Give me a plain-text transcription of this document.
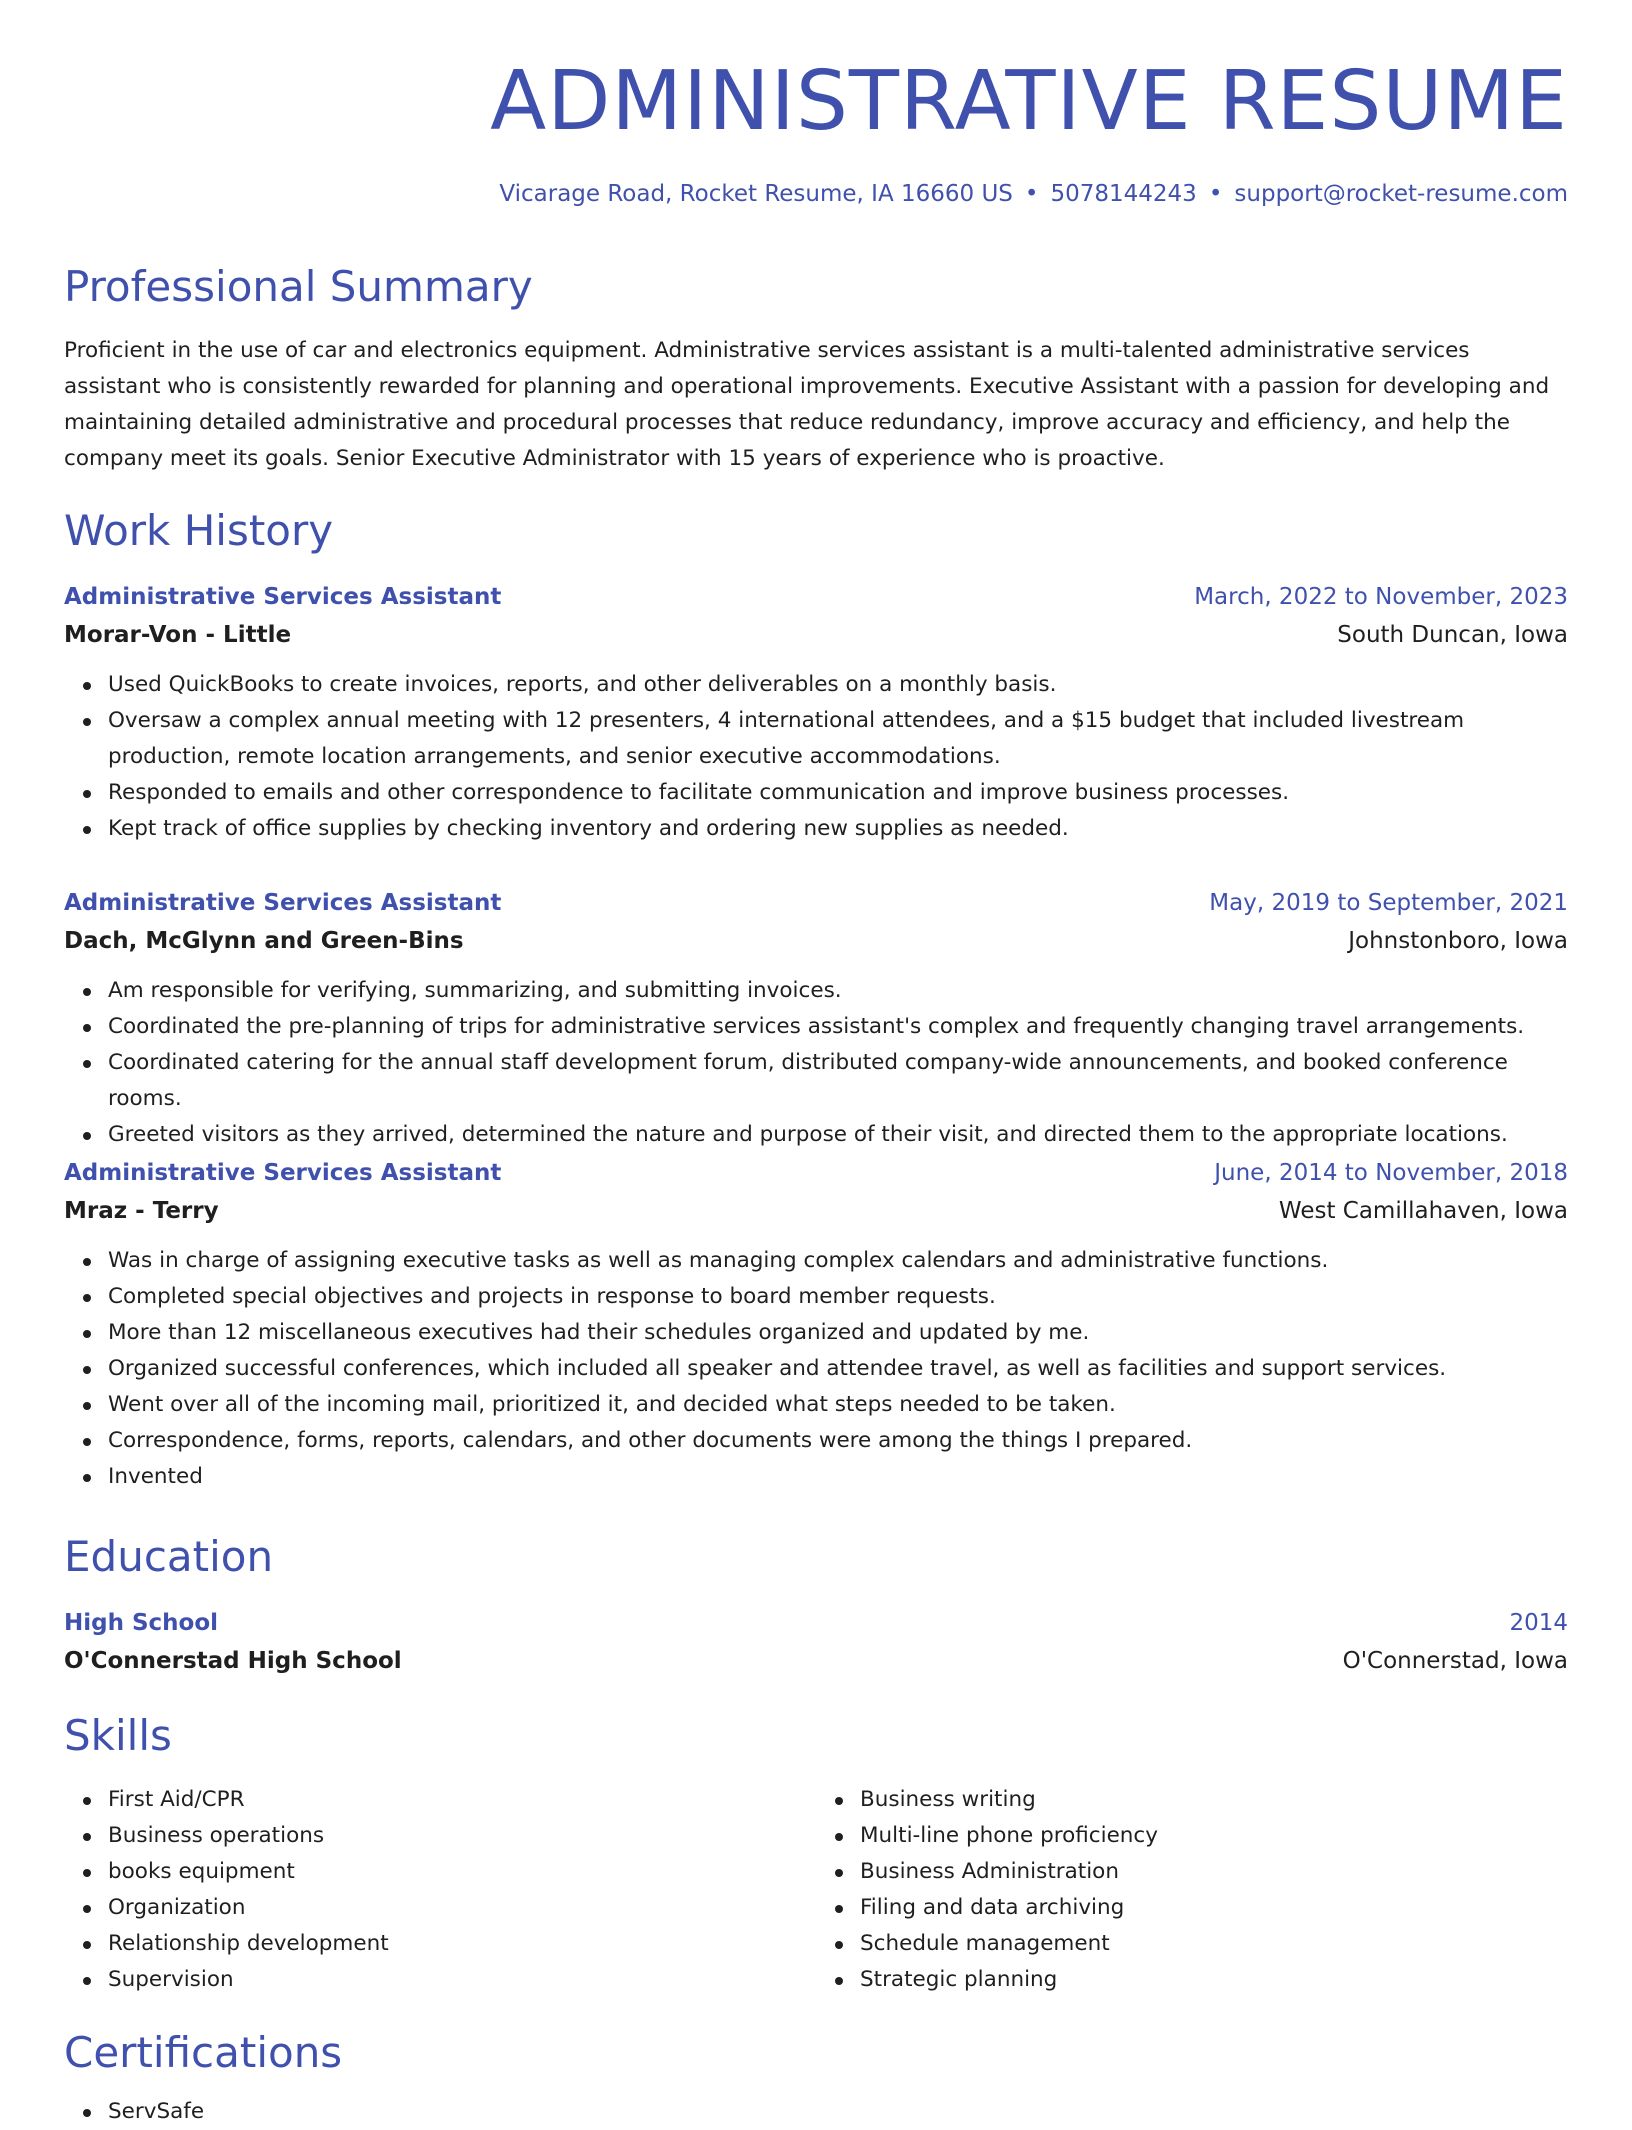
ADMINISTRATIVE RESUME
Vicarage Road, Rocket Resume, IA 16660 US • 5078144243 • support@rocket-resume.com
Professional Summary

Proficient in the use of car and electronics equipment. Administrative services assistant is a multi-talented administrative services assistant who is consistently rewarded for planning and operational improvements. Executive Assistant with a passion for developing and maintaining detailed administrative and procedural processes that reduce redundancy, improve accuracy and efficiency, and help the company meet its goals. Senior Executive Administrator with 15 years of experience who is proactive.

Work History
Administrative Services Assistant	March, 2022 to November, 2023
Morar-Von - Little	South Duncan, Iowa
Used QuickBooks to create invoices, reports, and other deliverables on a monthly basis.
Oversaw a complex annual meeting with 12 presenters, 4 international attendees, and a $15 budget that included livestream production, remote location arrangements, and senior executive accommodations.
Responded to emails and other correspondence to facilitate communication and improve business processes.
Kept track of office supplies by checking inventory and ordering new supplies as needed.
Administrative Services Assistant	May, 2019 to September, 2021
Dach, McGlynn and Green-Bins	Johnstonboro, Iowa
Am responsible for verifying, summarizing, and submitting invoices.
Coordinated the pre-planning of trips for administrative services assistant's complex and frequently changing travel arrangements.
Coordinated catering for the annual staff development forum, distributed company-wide announcements, and booked conference rooms.
Greeted visitors as they arrived, determined the nature and purpose of their visit, and directed them to the appropriate locations.
Administrative Services Assistant	June, 2014 to November, 2018
Mraz - Terry	West Camillahaven, Iowa
Was in charge of assigning executive tasks as well as managing complex calendars and administrative functions.
Completed special objectives and projects in response to board member requests.
More than 12 miscellaneous executives had their schedules organized and updated by me.
Organized successful conferences, which included all speaker and attendee travel, as well as facilities and support services.
Went over all of the incoming mail, prioritized it, and decided what steps needed to be taken.
Correspondence, forms, reports, calendars, and other documents were among the things I prepared.
Invented
Education
High School	2014
O'Connerstad High School	O'Connerstad, Iowa
Skills
First Aid/CPR
Business operations
books equipment
Organization
Relationship development
Supervision
Business writing
Multi-line phone proficiency
Business Administration
Filing and data archiving
Schedule management
Strategic planning
Certifications
ServSafe
